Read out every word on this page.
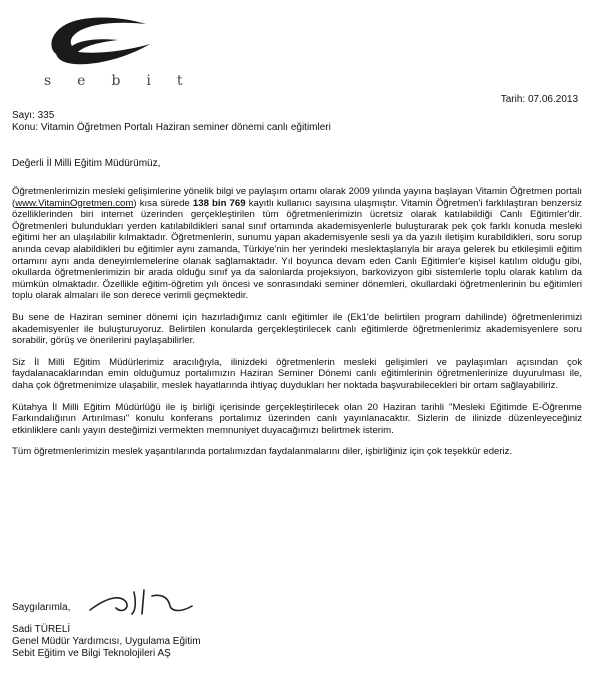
sebit
Tarih: 07.06.2013
Sayı: 335
Konu: Vitamin Öğretmen Portalı Haziran seminer dönemi canlı eğitimleri
Değerli İl Milli Eğitim Müdürümüz,

Öğretmenlerimizin mesleki gelişimlerine yönelik bilgi ve paylaşım ortamı olarak 2009 yılında yayına başlayan Vitamin Öğretmen portalı (www.VitaminOgretmen.com) kısa sürede 138 bin 769 kayıtlı kullanıcı sayısına ulaşmıştır. Vitamin Öğretmen'i farklılaştıran benzersiz özelliklerinden biri internet üzerinden gerçekleştirilen tüm öğretmenlerimizin ücretsiz olarak katılabildiği Canlı Eğitimler'dir. Öğretmenleri bulundukları yerden katılabildikleri sanal sınıf ortamında akademisyenlerle buluşturarak pek çok farklı konuda mesleki eğitimi her an ulaşılabilir kılmaktadır. Öğretmenlerin, sunumu yapan akademisyenle sesli ya da yazılı iletişim kurabildikleri, soru sorup anında cevap alabildikleri bu eğitimler aynı zamanda, Türkiye'nin her yerindeki meslektaşlarıyla bir araya gelerek bu etkileşimli eğitim ortamını aynı anda deneyimlemelerine olanak sağlamaktadır. Yıl boyunca devam eden Canlı Eğitimler'e kişisel katılım olduğu gibi, okullarda öğretmenlerimizin bir arada olduğu sınıf ya da salonlarda projeksiyon, barkovizyon gibi sistemlerle toplu olarak katılım da mümkün olmaktadır. Özellikle eğitim-öğretim yılı öncesi ve sonrasındaki seminer dönemleri, okullardaki öğretmenlerinin bu eğitimleri toplu olarak almaları ile son derece verimli geçmektedir.

Bu sene de Haziran seminer dönemi için hazırladığımız canlı eğitimler ile (Ek1'de belirtilen program dahilinde) öğretmenlerimizi akademisyenler ile buluşturuyoruz. Belirtilen konularda gerçekleştirilecek canlı eğitimlerde öğretmenlerimiz akademisyenlere soru sorabilir, görüş ve önerilerini paylaşabilirler.

Siz İl Milli Eğitim Müdürlerimiz aracılığıyla, ilinizdeki öğretmenlerin mesleki gelişimleri ve paylaşımları açısından çok faydalanacaklarından emin olduğumuz portalımızın Haziran Seminer Dönemi canlı eğitimlerinin öğretmenlerinize duyurulması ile, daha çok öğretmenimize ulaşabilir, meslek hayatlarında ihtiyaç duydukları her noktada başvurabilecekleri bir ortam sağlayabiliriz.

Kütahya İl Milli Eğitim Müdürlüğü ile iş birliği içerisinde gerçekleştirilecek olan 20 Haziran tarihli "Mesleki Eğitimde E-Öğrenme Farkındalığının Artırılması" konulu konferans portalımız üzerinden canlı yayınlanacaktır. Sizlerin de ilinizde düzenleyeceğiniz etkinliklere canlı yayın desteğimizi vermekten memnuniyet duyacağımızı belirtmek isterim.

Tüm öğretmenlerimizin meslek yaşantılarında portalımızdan faydalanmalarını diler, işbirliğiniz için çok teşekkür ederiz.

Saygılarımla,
Sadi TÜRELİ
Genel Müdür Yardımcısı, Uygulama Eğitim
Sebit Eğitim ve Bilgi Teknolojileri AŞ
